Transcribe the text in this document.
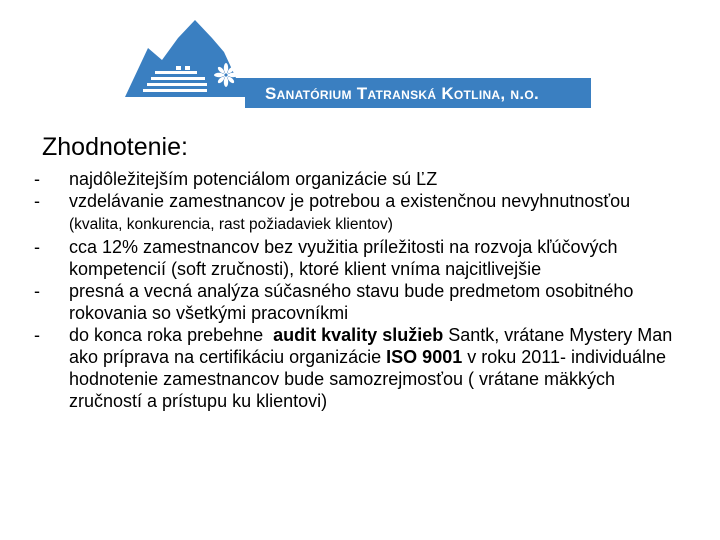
Sanatórium Tatranská Kotlina, n.o.
Zhodnotenie:
- najdôležitejším potenciálom organizácie sú ĽZ
- vzdelávanie zamestnancov je potrebou a existenčnou nevyhnutnosťou (kvalita, konkurencia, rast požiadaviek klientov)
- cca 12% zamestnancov bez využitia príležitosti na rozvoja kľúčových kompetencií (soft zručnosti), ktoré klient vníma najcitlivejšie
- presná a vecná analýza súčasného stavu bude predmetom osobitného rokovania so všetkými pracovníkmi
- do konca roka prebehne  audit kvality služieb Santk, vrátane Mystery Man ako príprava na certifikáciu organizácie ISO 9001 v roku 2011- individuálne hodnotenie zamestnancov bude samozrejmosťou ( vrátane mäkkých zručností a prístupu ku klientovi)
